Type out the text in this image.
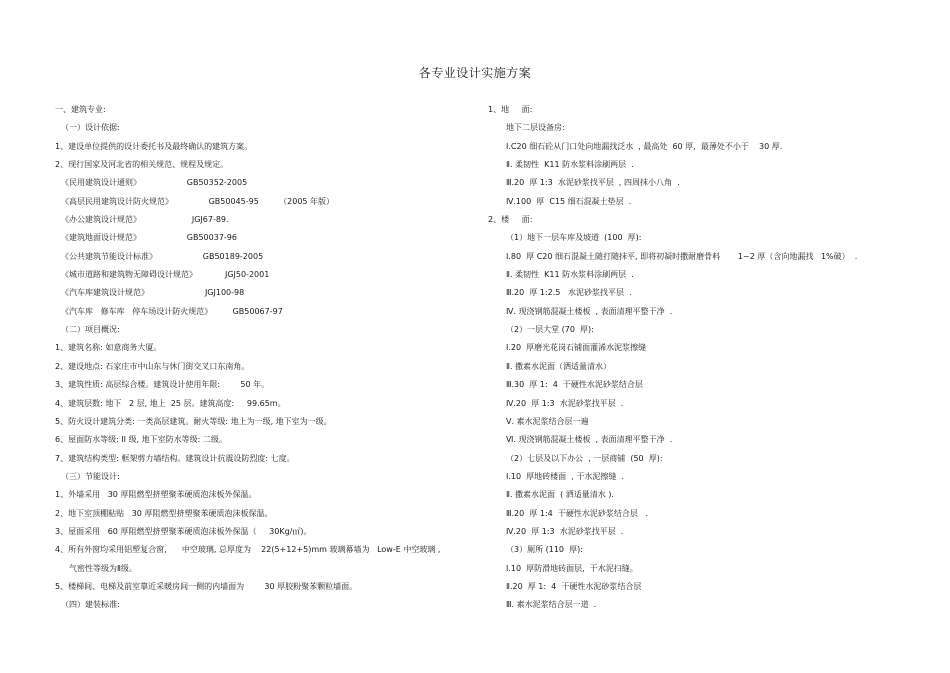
各专业设计实施方案
一、建筑专业:
（一）设计依据:
1、建设单位提供的设计委托书及最终确认的建筑方案。
2、现行国家及河北省的相关规范、规程及规定。
《民用建筑设计通则》                  GB50352-2005
《高层民用建筑设计防火规范》              GB50045-95        （2005 年版）
《办公建筑设计规范》                    JGJ67-89.
《建筑地面设计规范》                  GB50037-96
《公共建筑节能设计标准》                  GB50189-2005
《城市道路和建筑物无障碍设计规范》           JGJ50-2001
《汽车库建筑设计规范》                      JGJ100-98
《汽车库   修车库   停车场设计防火规范》        GB50067-97
（二）项目概况:
1、建筑名称: 如意商务大厦。
2、建设地点: 石家庄市中山东与休门街交叉口东南角。
3、建筑性质: 高层综合楼。建筑设计使用年限:        50 年。
4、建筑层数: 地下   2 层, 地上  25 层。建筑高度:     99.65m。
5、防火设计建筑分类: 一类高层建筑。耐火等级: 地上为一级, 地下室为一级。
6、屋面防水等级: II 级, 地下室防水等级: 二级。
7、建筑结构类型: 框架剪力墙结构。建筑设计抗震设防烈度: 七度。
（三）节能设计:
1、外墙采用   30 厚阻燃型挤塑聚苯硬质泡沫板外保温。
2、地下室顶棚粘贴   30 厚阻燃型挤塑聚苯硬质泡沫板保温。
3、屋面采用   60 厚阻燃型挤塑聚苯硬质泡沫板外保温（     30Kg/㎥)。
4、所有外窗均采用铝塑复合窗,      中空玻璃, 总厚度为    22(5+12+5)mm 玻璃幕墙为   Low-E 中空玻璃 ,
气密性等级为Ⅱ级。
5、楼梯间、电梯及前室靠近采暖房间一侧的内墙面为        30 厚胶粉聚苯颗粒墙面。
（四）建装标准:
1、地     面:
地下二层设备房:
Ⅰ.C20 细石砼从门口处向地漏找泛水  , 最高处  60 厚,  最薄处不小于    30 厚.
Ⅱ. 柔韧性  K11 防水浆料涂刷两层  .
Ⅲ.20  厚 1:3  水泥砂浆找平层  , 四周抹小八角  .
Ⅳ.100  厚  C15 细石混凝土垫层  .
2、楼     面:
（1）地下一层车库及坡道  (100  厚):
Ⅰ.80  厚 C20 细石混凝土随打随抹平, 即将初凝时撒耐磨骨料       1~2 厚（含向地漏找   1%破）  .
Ⅱ. 柔韧性  K11 防水浆料涂刷两层  .
Ⅲ.20  厚 1:2.5   水泥砂浆找平层  .
Ⅳ. 现浇钢筋混凝土楼板  , 表面清理平整干净  .
（2）一层大堂 (70  厚):
Ⅰ.20  厚磨光花岗石铺面灌浠水泥浆擦缝
Ⅱ. 撒素水泥面（洒适量清水）
Ⅲ.30  厚 1:  4  干硬性水泥砂浆结合层
Ⅳ.20  厚 1:3  水泥砂浆找平层  .
Ⅴ. 素水泥浆结合层一遍
Ⅵ. 现浇钢筋混凝土楼板  , 表面清理平整干净  .
（2）七层及以下办公  , 一层商铺  (50  厚):
Ⅰ.10  厚地砖楼面  , 干水泥擦缝  .
Ⅱ. 撒素水泥面  ( 洒适量清水 ).
Ⅲ.20  厚 1:4  干硬性水泥砂浆结合层   .
Ⅳ.20  厚 1:3  水泥砂浆找平层  .
（3）厕所 (110  厚):
Ⅰ.10  厚防滑地砖面层,  干水泥扫缝。
Ⅱ.20  厚 1:  4  干硬性水泥砂浆结合层
Ⅲ. 素水泥浆结合层一道  .
